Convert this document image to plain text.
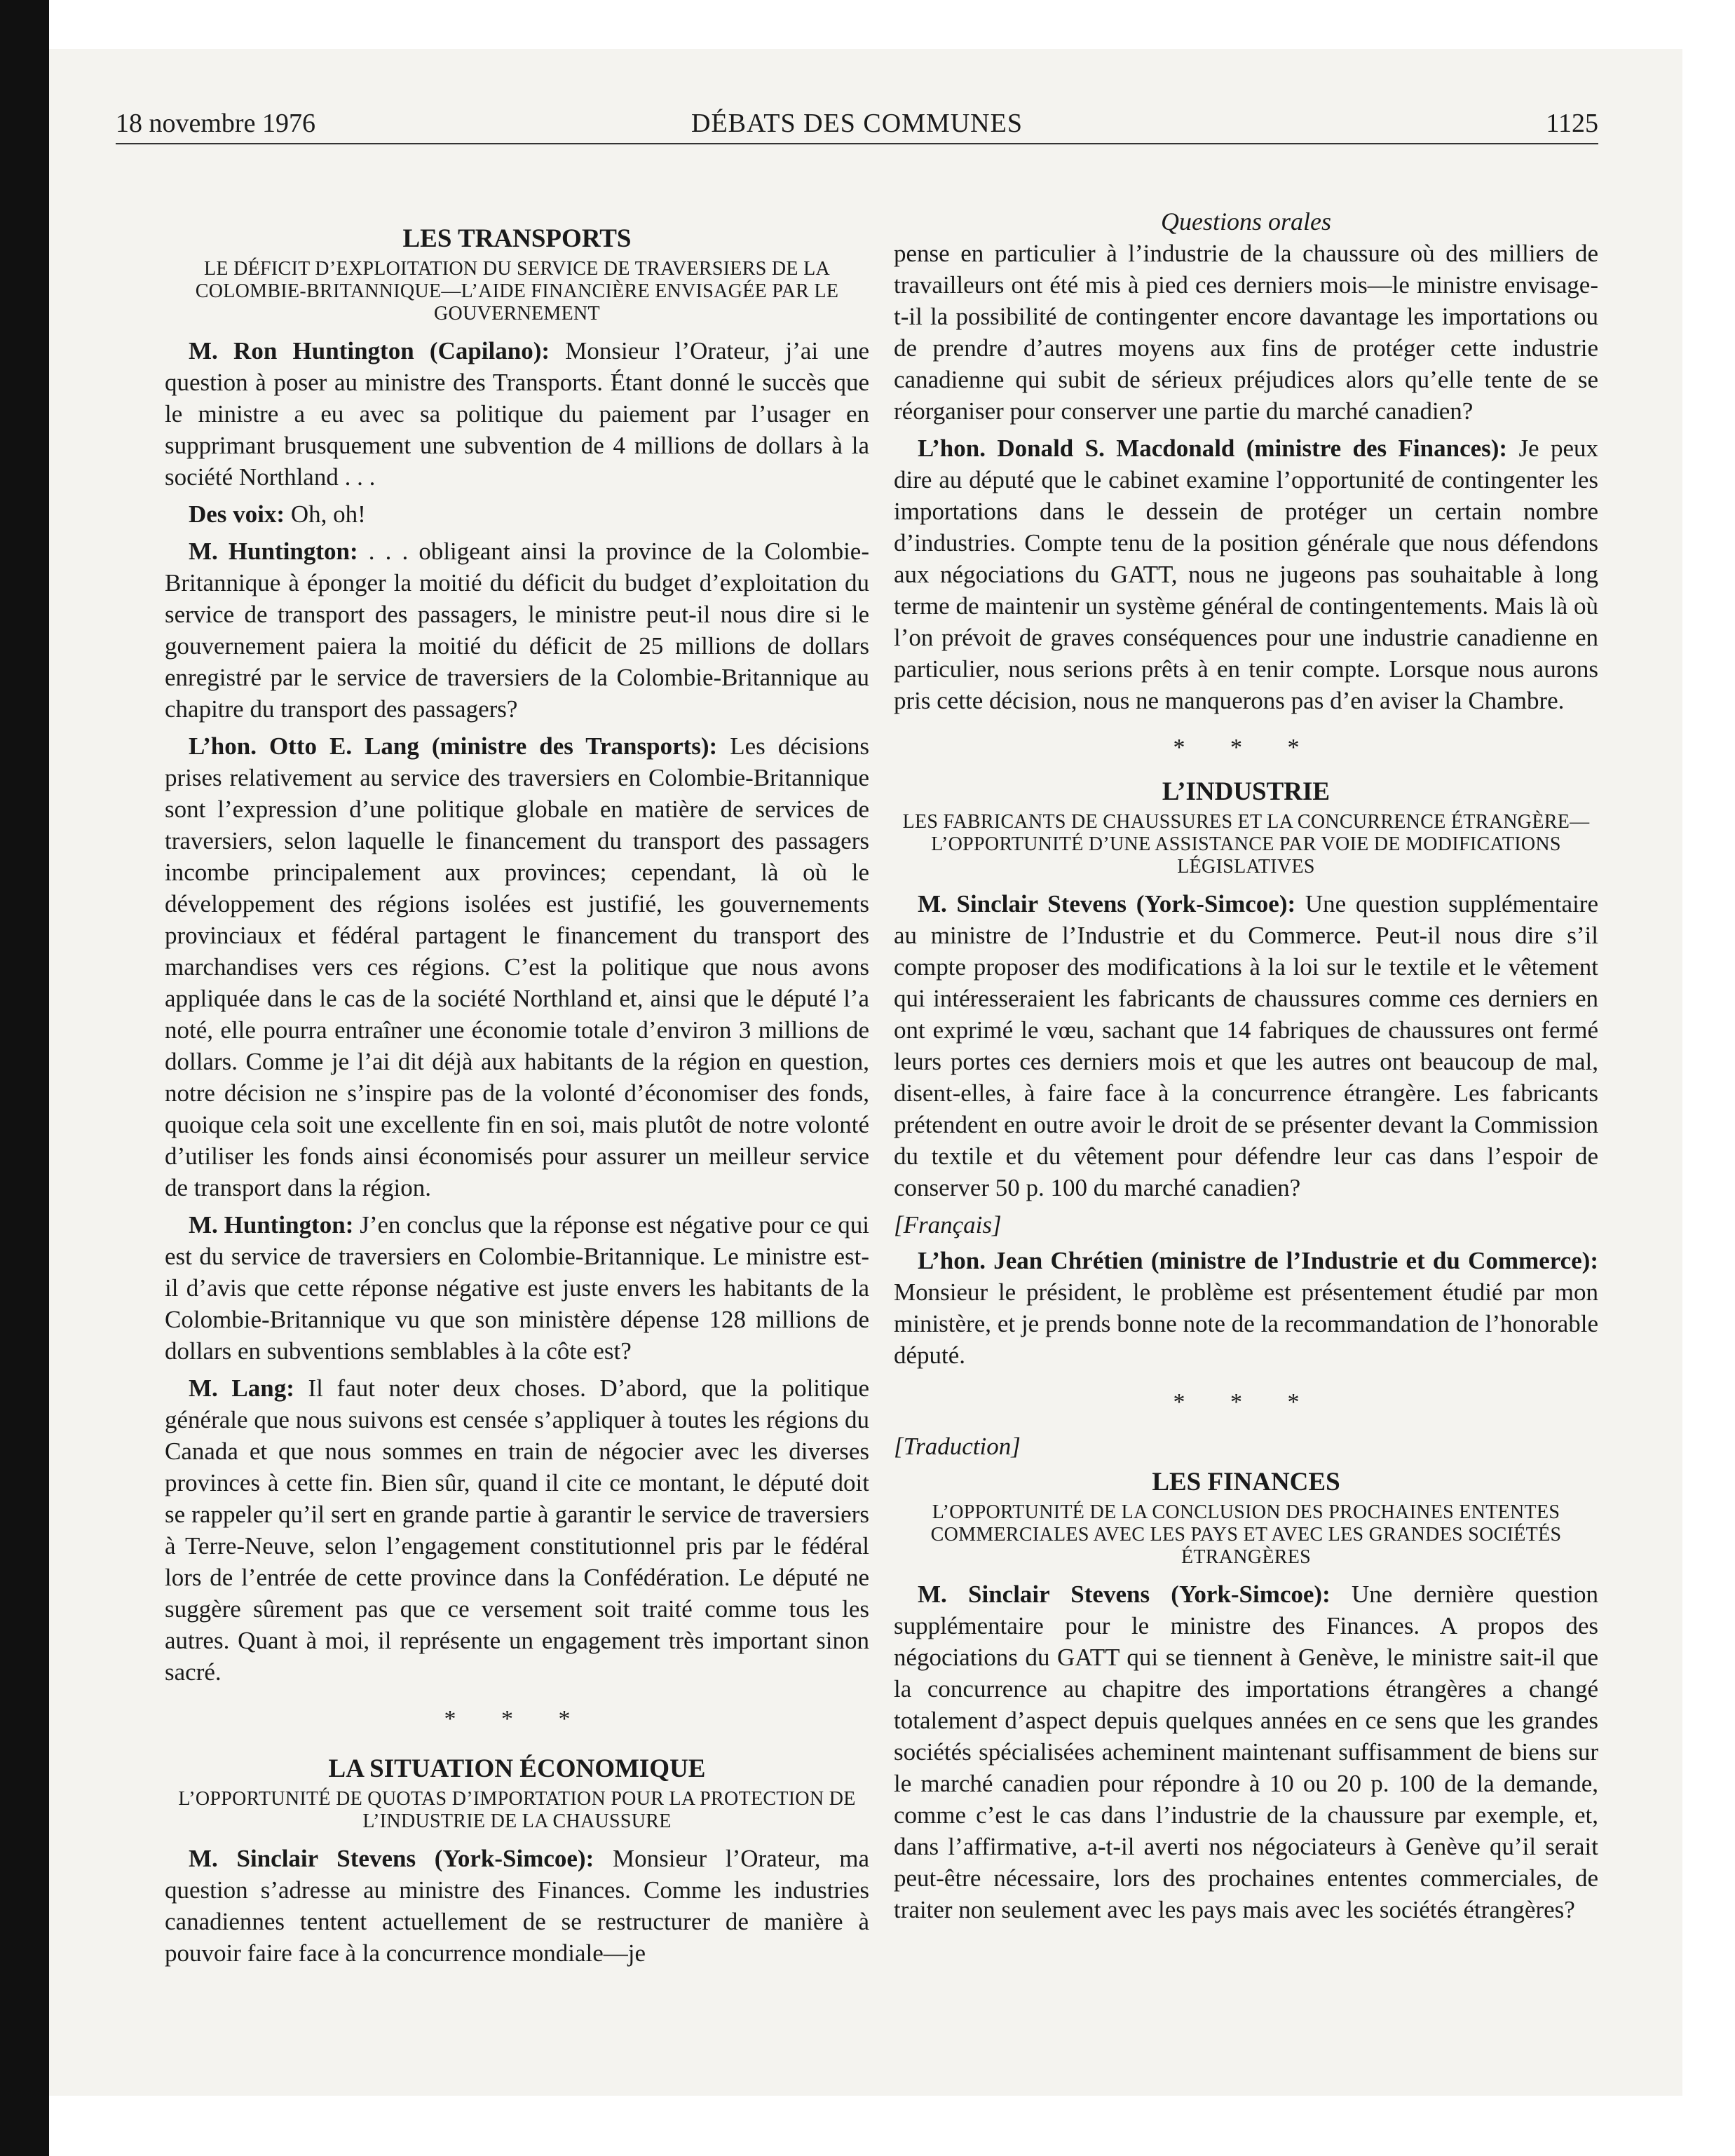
18 novembre 1976	DÉBATS DES COMMUNES	1125
Questions orales
LES TRANSPORTS
LE DÉFICIT D’EXPLOITATION DU SERVICE DE TRAVERSIERS DE LA COLOMBIE-BRITANNIQUE—L’AIDE FINANCIÈRE ENVISAGÉE PAR LE GOUVERNEMENT

M. Ron Huntington (Capilano): Monsieur l’Orateur, j’ai une question à poser au ministre des Transports. Étant donné le succès que le ministre a eu avec sa politique du paiement par l’usager en supprimant brusquement une subvention de 4 millions de dollars à la société Northland . . .

Des voix: Oh, oh!

M. Huntington: . . . obligeant ainsi la province de la Colombie-Britannique à éponger la moitié du déficit du budget d’exploitation du service de transport des passagers, le ministre peut-il nous dire si le gouvernement paiera la moitié du déficit de 25 millions de dollars enregistré par le service de traversiers de la Colombie-Britannique au chapitre du transport des passagers?

L’hon. Otto E. Lang (ministre des Transports): Les décisions prises relativement au service des traversiers en Colombie-Britannique sont l’expression d’une politique globale en matière de services de traversiers, selon laquelle le financement du transport des passagers incombe principalement aux provinces; cependant, là où le développement des régions isolées est justifié, les gouvernements provinciaux et fédéral partagent le financement du transport des marchandises vers ces régions. C’est la politique que nous avons appliquée dans le cas de la société Northland et, ainsi que le député l’a noté, elle pourra entraîner une économie totale d’environ 3 millions de dollars. Comme je l’ai dit déjà aux habitants de la région en question, notre décision ne s’inspire pas de la volonté d’économiser des fonds, quoique cela soit une excellente fin en soi, mais plutôt de notre volonté d’utiliser les fonds ainsi économisés pour assurer un meilleur service de transport dans la région.

M. Huntington: J’en conclus que la réponse est négative pour ce qui est du service de traversiers en Colombie-Britannique. Le ministre est-il d’avis que cette réponse négative est juste envers les habitants de la Colombie-Britannique vu que son ministère dépense 128 millions de dollars en subventions semblables à la côte est?

M. Lang: Il faut noter deux choses. D’abord, que la politique générale que nous suivons est censée s’appliquer à toutes les régions du Canada et que nous sommes en train de négocier avec les diverses provinces à cette fin. Bien sûr, quand il cite ce montant, le député doit se rappeler qu’il sert en grande partie à garantir le service de traversiers à Terre-Neuve, selon l’engagement constitutionnel pris par le fédéral lors de l’entrée de cette province dans la Confédération. Le député ne suggère sûrement pas que ce versement soit traité comme tous les autres. Quant à moi, il représente un engagement très important sinon sacré.

* * *
LA SITUATION ÉCONOMIQUE
L’OPPORTUNITÉ DE QUOTAS D’IMPORTATION POUR LA PROTECTION DE L’INDUSTRIE DE LA CHAUSSURE

M. Sinclair Stevens (York-Simcoe): Monsieur l’Orateur, ma question s’adresse au ministre des Finances. Comme les industries canadiennes tentent actuellement de se restructurer de manière à pouvoir faire face à la concurrence mondiale—je

pense en particulier à l’industrie de la chaussure où des milliers de travailleurs ont été mis à pied ces derniers mois—le ministre envisage-t-il la possibilité de contingenter encore davantage les importations ou de prendre d’autres moyens aux fins de protéger cette industrie canadienne qui subit de sérieux préjudices alors qu’elle tente de se réorganiser pour conserver une partie du marché canadien?

L’hon. Donald S. Macdonald (ministre des Finances): Je peux dire au député que le cabinet examine l’opportunité de contingenter les importations dans le dessein de protéger un certain nombre d’industries. Compte tenu de la position générale que nous défendons aux négociations du GATT, nous ne jugeons pas souhaitable à long terme de maintenir un système général de contingentements. Mais là où l’on prévoit de graves conséquences pour une industrie canadienne en particulier, nous serions prêts à en tenir compte. Lorsque nous aurons pris cette décision, nous ne manquerons pas d’en aviser la Chambre.

* * *
L’INDUSTRIE
LES FABRICANTS DE CHAUSSURES ET LA CONCURRENCE ÉTRANGÈRE—L’OPPORTUNITÉ D’UNE ASSISTANCE PAR VOIE DE MODIFICATIONS LÉGISLATIVES

M. Sinclair Stevens (York-Simcoe): Une question supplémentaire au ministre de l’Industrie et du Commerce. Peut-il nous dire s’il compte proposer des modifications à la loi sur le textile et le vêtement qui intéresseraient les fabricants de chaussures comme ces derniers en ont exprimé le vœu, sachant que 14 fabriques de chaussures ont fermé leurs portes ces derniers mois et que les autres ont beaucoup de mal, disent-elles, à faire face à la concurrence étrangère. Les fabricants prétendent en outre avoir le droit de se présenter devant la Commission du textile et du vêtement pour défendre leur cas dans l’espoir de conserver 50 p. 100 du marché canadien?

[Français]

L’hon. Jean Chrétien (ministre de l’Industrie et du Commerce): Monsieur le président, le problème est présentement étudié par mon ministère, et je prends bonne note de la recommandation de l’honorable député.

* * *
[Traduction]
LES FINANCES
L’OPPORTUNITÉ DE LA CONCLUSION DES PROCHAINES ENTENTES COMMERCIALES AVEC LES PAYS ET AVEC LES GRANDES SOCIÉTÉS ÉTRANGÈRES

M. Sinclair Stevens (York-Simcoe): Une dernière question supplémentaire pour le ministre des Finances. A propos des négociations du GATT qui se tiennent à Genève, le ministre sait-il que la concurrence au chapitre des importations étrangères a changé totalement d’aspect depuis quelques années en ce sens que les grandes sociétés spécialisées acheminent maintenant suffisamment de biens sur le marché canadien pour répondre à 10 ou 20 p. 100 de la demande, comme c’est le cas dans l’industrie de la chaussure par exemple, et, dans l’affirmative, a-t-il averti nos négociateurs à Genève qu’il serait peut-être nécessaire, lors des prochaines ententes commerciales, de traiter non seulement avec les pays mais avec les sociétés étrangères?
